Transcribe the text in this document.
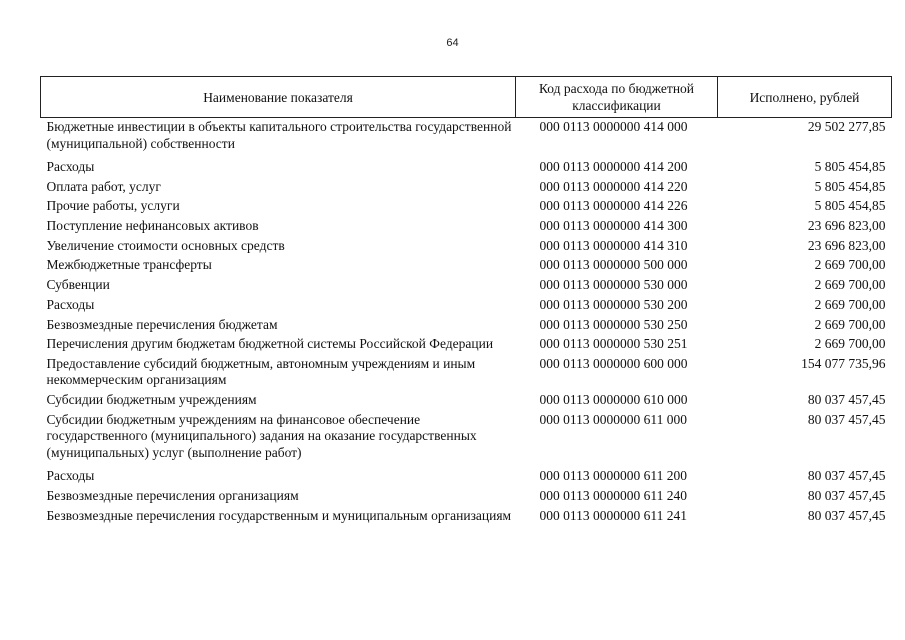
64
Наименование показателя	Код расхода по бюджетной классификации	Исполнено, рублей
Бюджетные инвестиции в объекты капитального строительства государственной (муниципальной) собственности	000 0113 0000000 414 000	29 502 277,85
Расходы	000 0113 0000000 414 200	5 805 454,85
Оплата работ, услуг	000 0113 0000000 414 220	5 805 454,85
Прочие работы, услуги	000 0113 0000000 414 226	5 805 454,85
Поступление нефинансовых активов	000 0113 0000000 414 300	23 696 823,00
Увеличение стоимости основных средств	000 0113 0000000 414 310	23 696 823,00
Межбюджетные трансферты	000 0113 0000000 500 000	2 669 700,00
Субвенции	000 0113 0000000 530 000	2 669 700,00
Расходы	000 0113 0000000 530 200	2 669 700,00
Безвозмездные перечисления бюджетам	000 0113 0000000 530 250	2 669 700,00
Перечисления другим бюджетам бюджетной системы Российской Федерации	000 0113 0000000 530 251	2 669 700,00
Предоставление субсидий бюджетным, автономным учреждениям и иным некоммерческим организациям	000 0113 0000000 600 000	154 077 735,96
Субсидии бюджетным учреждениям	000 0113 0000000 610 000	80 037 457,45
Субсидии бюджетным учреждениям на финансовое обеспечение государственного (муниципального) задания на оказание государственных (муниципальных) услуг (выполнение работ)	000 0113 0000000 611 000	80 037 457,45
Расходы	000 0113 0000000 611 200	80 037 457,45
Безвозмездные перечисления организациям	000 0113 0000000 611 240	80 037 457,45
Безвозмездные перечисления государственным и муниципальным организациям	000 0113 0000000 611 241	80 037 457,45
